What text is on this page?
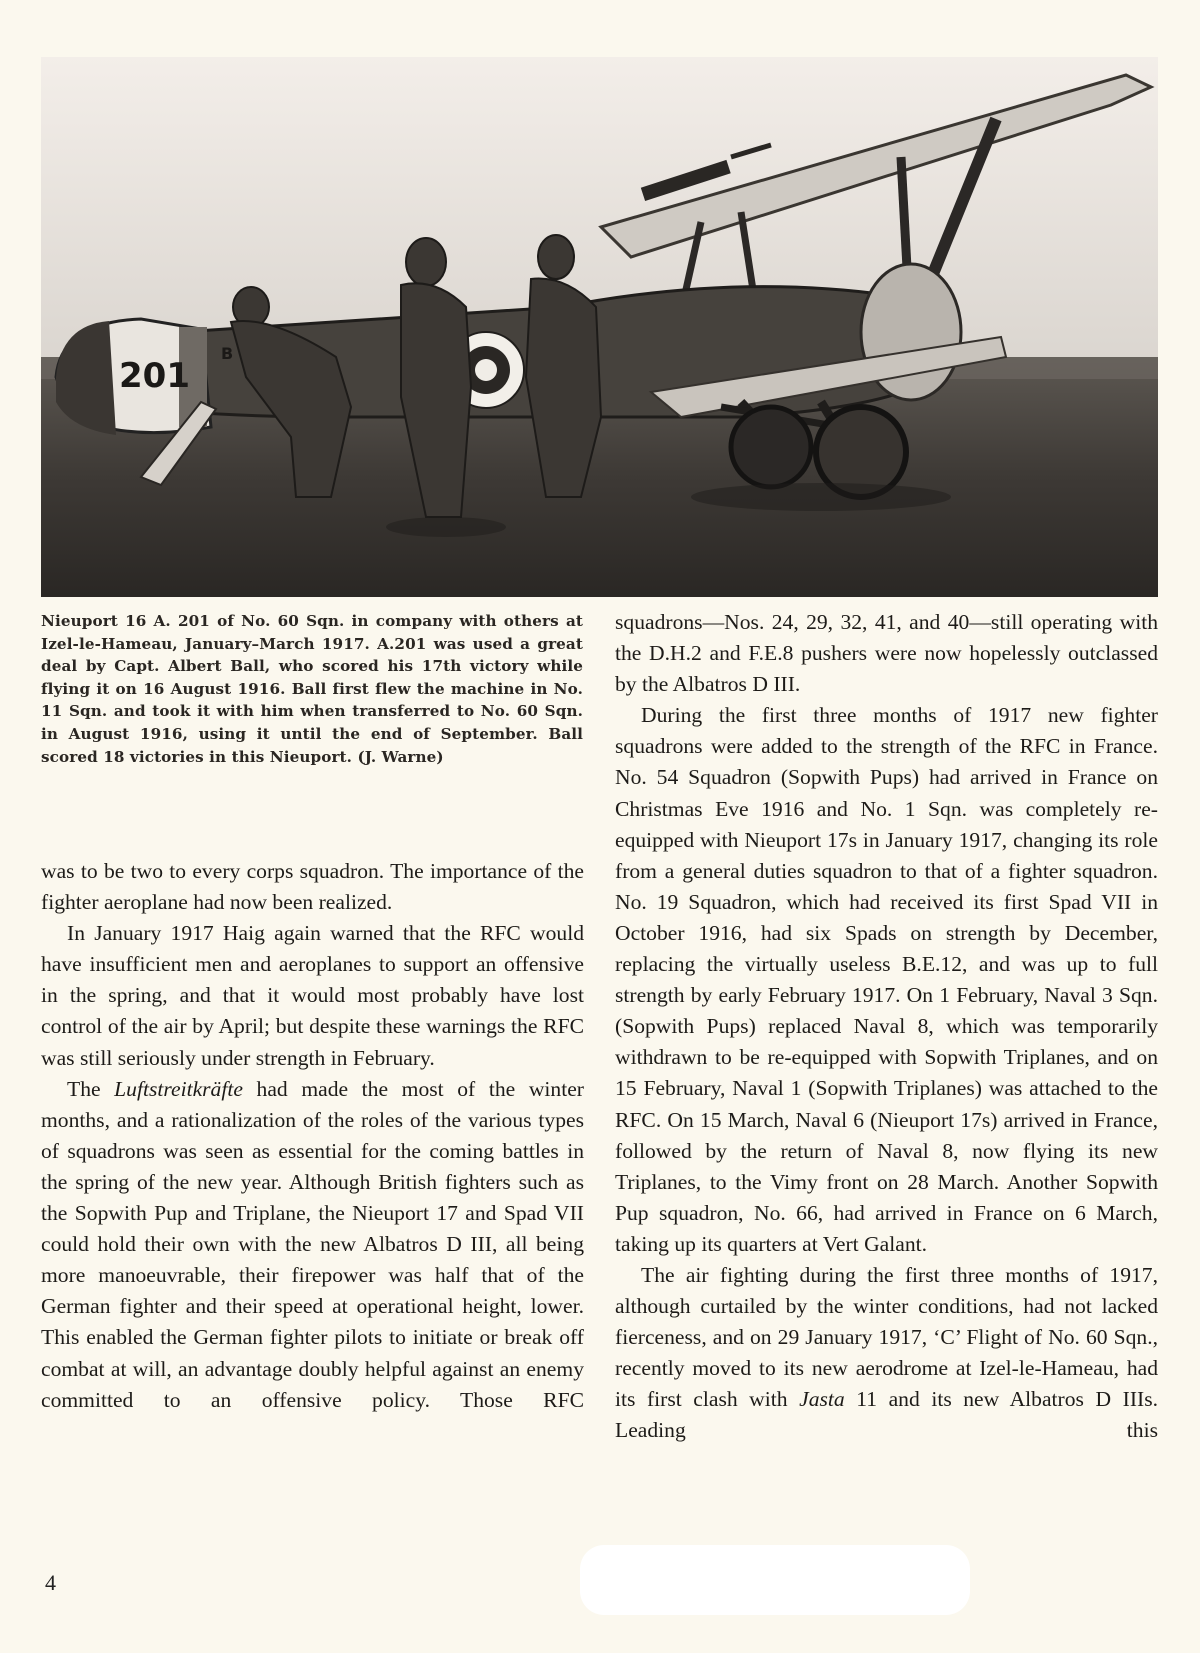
201
B
Nieuport 16 A. 201 of No. 60 Sqn. in company with others at Izel-le-Hameau, January–March 1917. A.201 was used a great deal by Capt. Albert Ball, who scored his 17th victory while flying it on 16 August 1916. Ball first flew the machine in No. 11 Sqn. and took it with him when transferred to No. 60 Sqn. in August 1916, using it until the end of September. Ball scored 18 victories in this Nieuport. (J. Warne)

was to be two to every corps squadron. The importance of the fighter aeroplane had now been realized.

In January 1917 Haig again warned that the RFC would have insufficient men and aeroplanes to support an offensive in the spring, and that it would most probably have lost control of the air by April; but despite these warnings the RFC was still seriously under strength in February.

The Luftstreitkräfte had made the most of the winter months, and a rationalization of the roles of the various types of squadrons was seen as essential for the coming battles in the spring of the new year. Although British fighters such as the Sopwith Pup and Triplane, the Nieuport 17 and Spad VII could hold their own with the new Albatros D III, all being more manoeuvrable, their firepower was half that of the German fighter and their speed at operational height, lower. This enabled the German fighter pilots to initiate or break off combat at will, an advantage doubly helpful against an enemy committed to an offensive policy. Those RFC

squadrons—Nos. 24, 29, 32, 41, and 40—still operating with the D.H.2 and F.E.8 pushers were now hopelessly outclassed by the Albatros D III.

During the first three months of 1917 new fighter squadrons were added to the strength of the RFC in France. No. 54 Squadron (Sopwith Pups) had arrived in France on Christmas Eve 1916 and No. 1 Sqn. was completely re-equipped with Nieuport 17s in January 1917, changing its role from a general duties squadron to that of a fighter squadron. No. 19 Squadron, which had received its first Spad VII in October 1916, had six Spads on strength by December, replacing the virtually useless B.E.12, and was up to full strength by early February 1917. On 1 February, Naval 3 Sqn. (Sopwith Pups) replaced Naval 8, which was temporarily withdrawn to be re-equipped with Sopwith Triplanes, and on 15 February, Naval 1 (Sopwith Triplanes) was attached to the RFC. On 15 March, Naval 6 (Nieuport 17s) arrived in France, followed by the return of Naval 8, now flying its new Triplanes, to the Vimy front on 28 March. Another Sopwith Pup squadron, No. 66, had arrived in France on 6 March, taking up its quarters at Vert Galant.

The air fighting during the first three months of 1917, although curtailed by the winter conditions, had not lacked fierceness, and on 29 January 1917, ‘C’ Flight of No. 60 Sqn., recently moved to its new aerodrome at Izel-le-Hameau, had its first clash with Jasta 11 and its new Albatros D IIIs. Leading this

4
